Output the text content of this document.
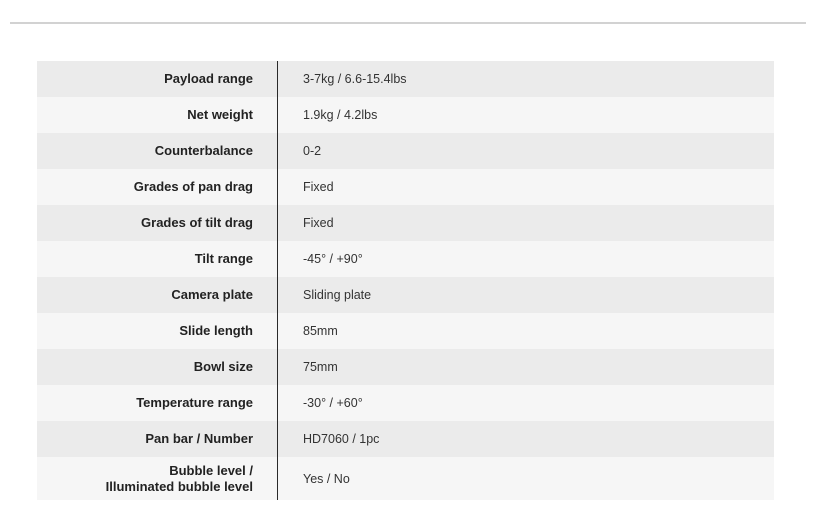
Payload range	3-7kg / 6.6-15.4lbs
Net weight	1.9kg / 4.2lbs
Counterbalance	0-2
Grades of pan drag	Fixed
Grades of tilt drag	Fixed
Tilt range	-45° / +90°
Camera plate	Sliding plate
Slide length	85mm
Bowl size	75mm
Temperature range	-30° / +60°
Pan bar / Number	HD7060 / 1pc
Bubble level /
Illuminated bubble level	Yes / No
